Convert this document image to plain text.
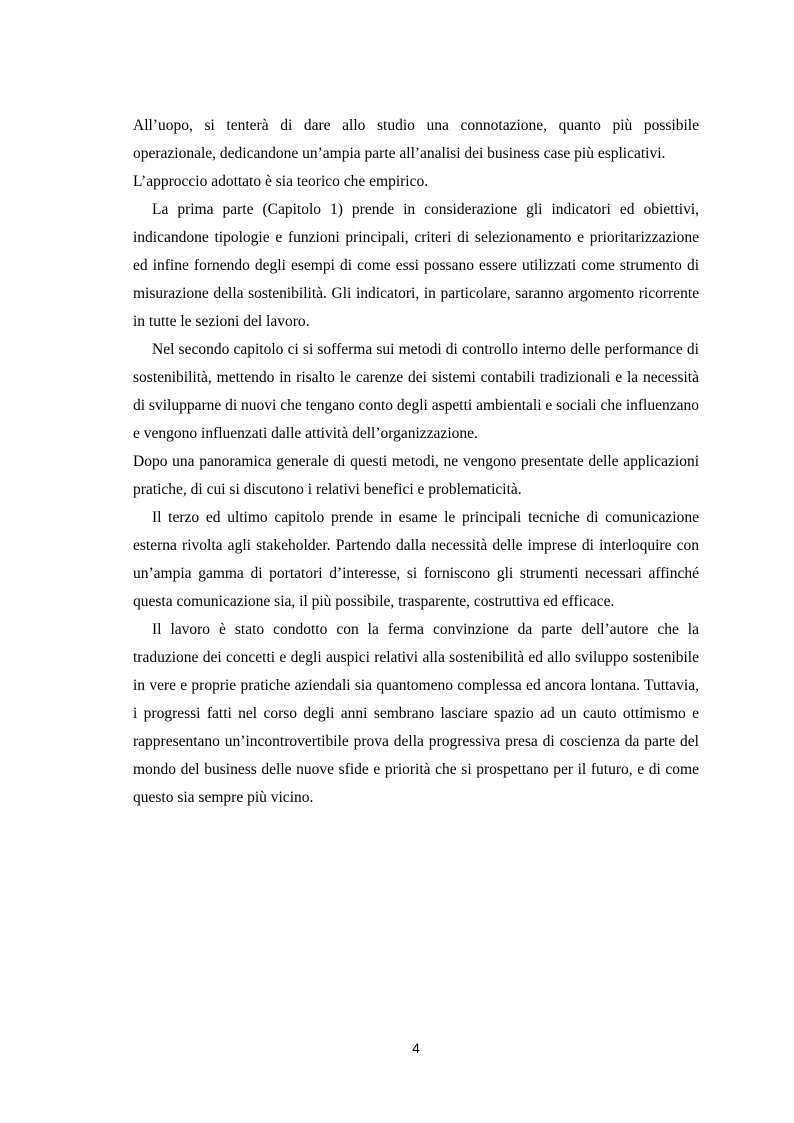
All’uopo, si tenterà di dare allo studio una connotazione, quanto più possibile operazionale, dedicandone un’ampia parte all’analisi dei business case più esplicativi.

L’approccio adottato è sia teorico che empirico.

La prima parte (Capitolo 1) prende in considerazione gli indicatori ed obiettivi, indicandone tipologie e funzioni principali, criteri di selezionamento e prioritarizzazione ed infine fornendo degli esempi di come essi possano essere utilizzati come strumento di misurazione della sostenibilità. Gli indicatori, in particolare, saranno argomento ricorrente in tutte le sezioni del lavoro.

Nel secondo capitolo ci si sofferma sui metodi di controllo interno delle performance di sostenibilità, mettendo in risalto le carenze dei sistemi contabili tradizionali e la necessità di svilupparne di nuovi che tengano conto degli aspetti ambientali e sociali che influenzano e vengono influenzati dalle attività dell’organizzazione.

Dopo una panoramica generale di questi metodi, ne vengono presentate delle applicazioni pratiche, di cui si discutono i relativi benefici e problematicità.

Il terzo ed ultimo capitolo prende in esame le principali tecniche di comunicazione esterna rivolta agli stakeholder. Partendo dalla necessità delle imprese di interloquire con un’ampia gamma di portatori d’interesse, si forniscono gli strumenti necessari affinché questa comunicazione sia, il più possibile, trasparente, costruttiva ed efficace.

Il lavoro è stato condotto con la ferma convinzione da parte dell’autore che la traduzione dei concetti e degli auspici relativi alla sostenibilità ed allo sviluppo sostenibile in vere e proprie pratiche aziendali sia quantomeno complessa ed ancora lontana. Tuttavia, i progressi fatti nel corso degli anni sembrano lasciare spazio ad un cauto ottimismo e rappresentano un’incontrovertibile prova della progressiva presa di coscienza da parte del mondo del business delle nuove sfide e priorità che si prospettano per il futuro, e di come questo sia sempre più vicino.

4
